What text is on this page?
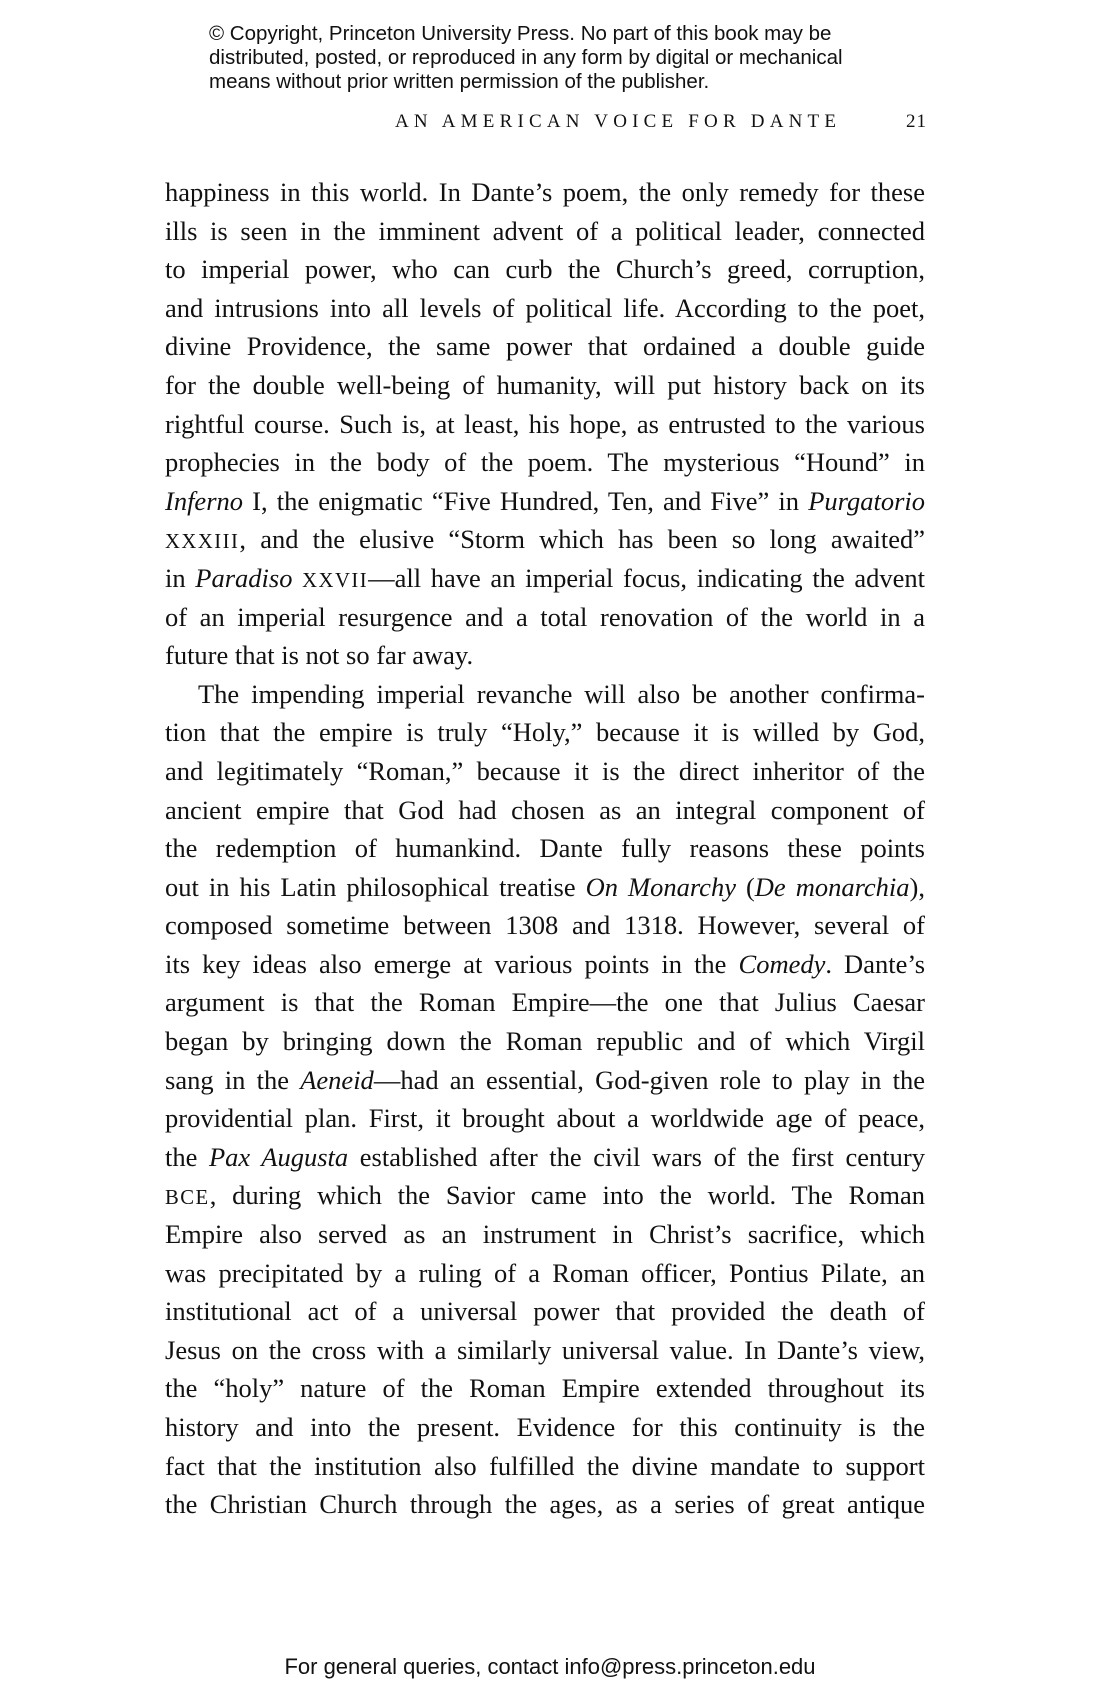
© Copyright, Princeton University Press. No part of this book may be
distributed, posted, or reproduced in any form by digital or mechanical
means without prior written permission of the publisher.
AN AMERICAN VOICE FOR DANTE	21
happiness in this world. In Dante’s poem, the only remedy for these
ills is seen in the imminent advent of a political leader, connected
to imperial power, who can curb the Church’s greed, corruption,
and intrusions into all levels of political life. According to the poet,
divine Providence, the same power that ordained a double guide
for the double well-being of humanity, will put history back on its
rightful course. Such is, at least, his hope, as entrusted to the various
prophecies in the body of the poem. The mysterious “Hound” in
Inferno I, the enigmatic “Five Hundred, Ten, and Five” in Purgatorio
XXXIII, and the elusive “Storm which has been so long awaited”
in Paradiso XXVII—all have an imperial focus, indicating the advent
of an imperial resurgence and a total renovation of the world in a
future that is not so far away.
The impending imperial revanche will also be another confirma-
tion that the empire is truly “Holy,” because it is willed by God,
and legitimately “Roman,” because it is the direct inheritor of the
ancient empire that God had chosen as an integral component of
the redemption of humankind. Dante fully reasons these points
out in his Latin philosophical treatise On Monarchy (De monarchia),
composed sometime between 1308 and 1318. However, several of
its key ideas also emerge at various points in the Comedy. Dante’s
argument is that the Roman Empire—the one that Julius Caesar
began by bringing down the Roman republic and of which Virgil
sang in the Aeneid—had an essential, God-given role to play in the
providential plan. First, it brought about a worldwide age of peace,
the Pax Augusta established after the civil wars of the first century
BCE, during which the Savior came into the world. The Roman
Empire also served as an instrument in Christ’s sacrifice, which
was precipitated by a ruling of a Roman officer, Pontius Pilate, an
institutional act of a universal power that provided the death of
Jesus on the cross with a similarly universal value. In Dante’s view,
the “holy” nature of the Roman Empire extended throughout its
history and into the present. Evidence for this continuity is the
fact that the institution also fulfilled the divine mandate to support
the Christian Church through the ages, as a series of great antique
For general queries, contact info@press.princeton.edu
